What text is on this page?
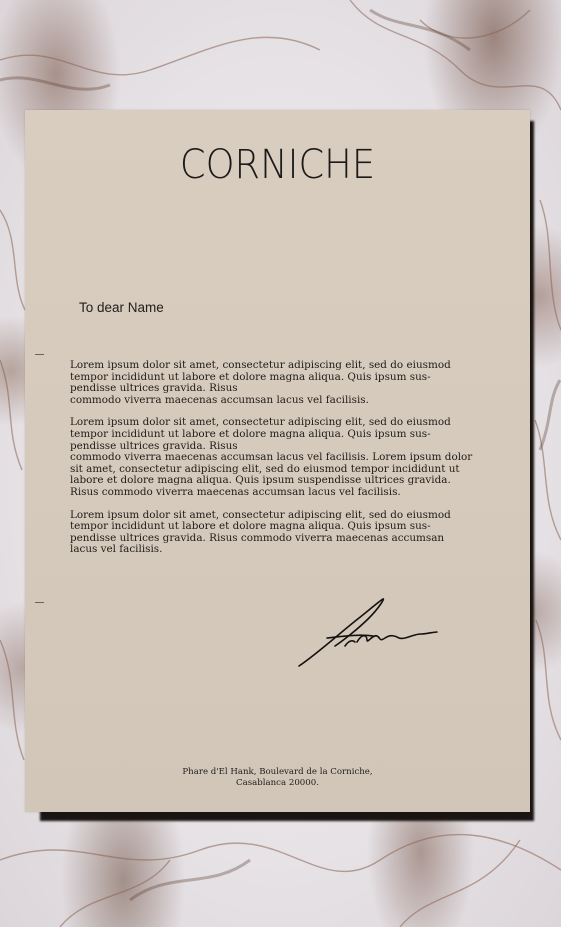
CORNICHE
To dear Name

Lorem ipsum dolor sit amet, consectetur adipiscing elit, sed do eiusmod
tempor incididunt ut labore et dolore magna aliqua. Quis ipsum sus-
pendisse ultrices gravida. Risus
commodo viverra maecenas accumsan lacus vel facilisis.

Lorem ipsum dolor sit amet, consectetur adipiscing elit, sed do eiusmod
tempor incididunt ut labore et dolore magna aliqua. Quis ipsum sus-
pendisse ultrices gravida. Risus
commodo viverra maecenas accumsan lacus vel facilisis. Lorem ipsum dolor
sit amet, consectetur adipiscing elit, sed do eiusmod tempor incididunt ut
labore et dolore magna aliqua. Quis ipsum suspendisse ultrices gravida.
Risus commodo viverra maecenas accumsan lacus vel facilisis.

Lorem ipsum dolor sit amet, consectetur adipiscing elit, sed do eiusmod
tempor incididunt ut labore et dolore magna aliqua. Quis ipsum sus-
pendisse ultrices gravida. Risus commodo viverra maecenas accumsan
lacus vel facilisis.

Phare d'El Hank, Boulevard de la Corniche,
Casablanca 20000.
